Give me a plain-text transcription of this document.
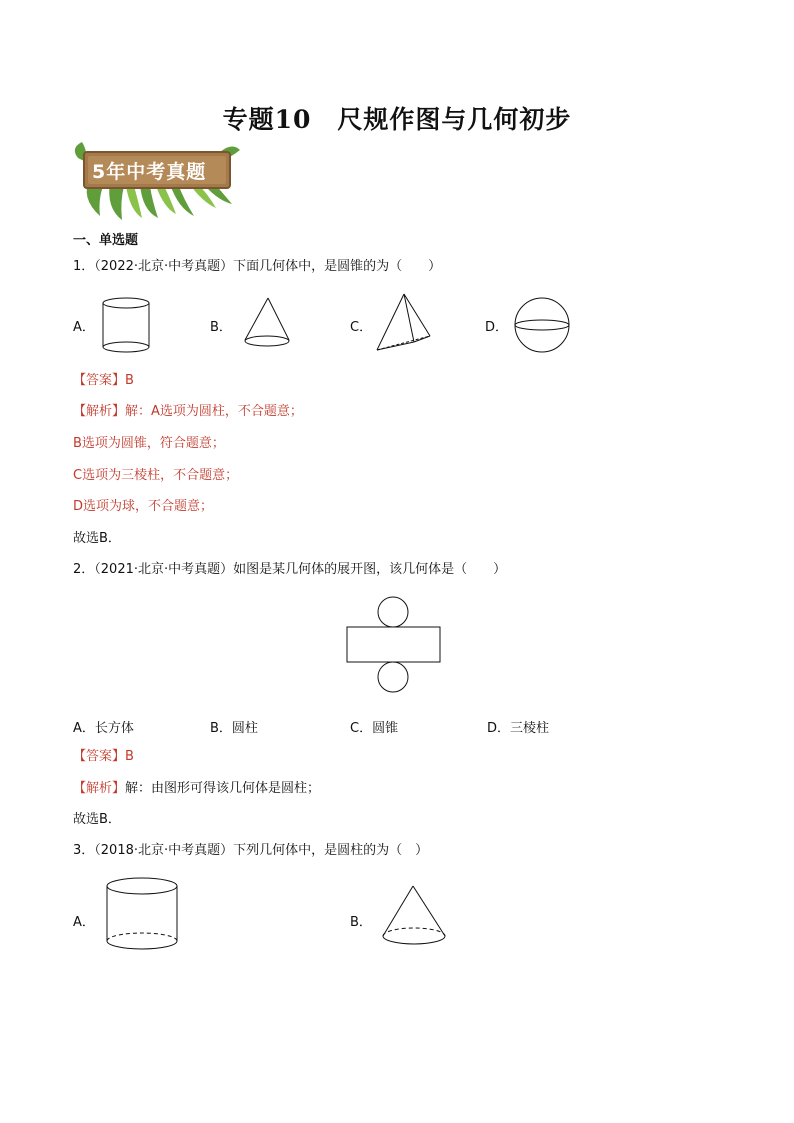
专题10　尺规作图与几何初步
5年中考真题
一、单选题
1．（2022·北京·中考真题）下面几何体中，是圆锥的为（　　）
A．	B．	C．	D．
【答案】B
【解析】解：A选项为圆柱，不合题意；
B选项为圆锥，符合题意；
C选项为三棱柱，不合题意；
D选项为球，不合题意；
故选B．
2．（2021·北京·中考真题）如图是某几何体的展开图，该几何体是（　　）
A．长方体	B．圆柱	C．圆锥	D．三棱柱
【答案】B
【解析】解：由图形可得该几何体是圆柱；
故选B．
3．（2018·北京·中考真题）下列几何体中，是圆柱的为（　）
A．	B．
